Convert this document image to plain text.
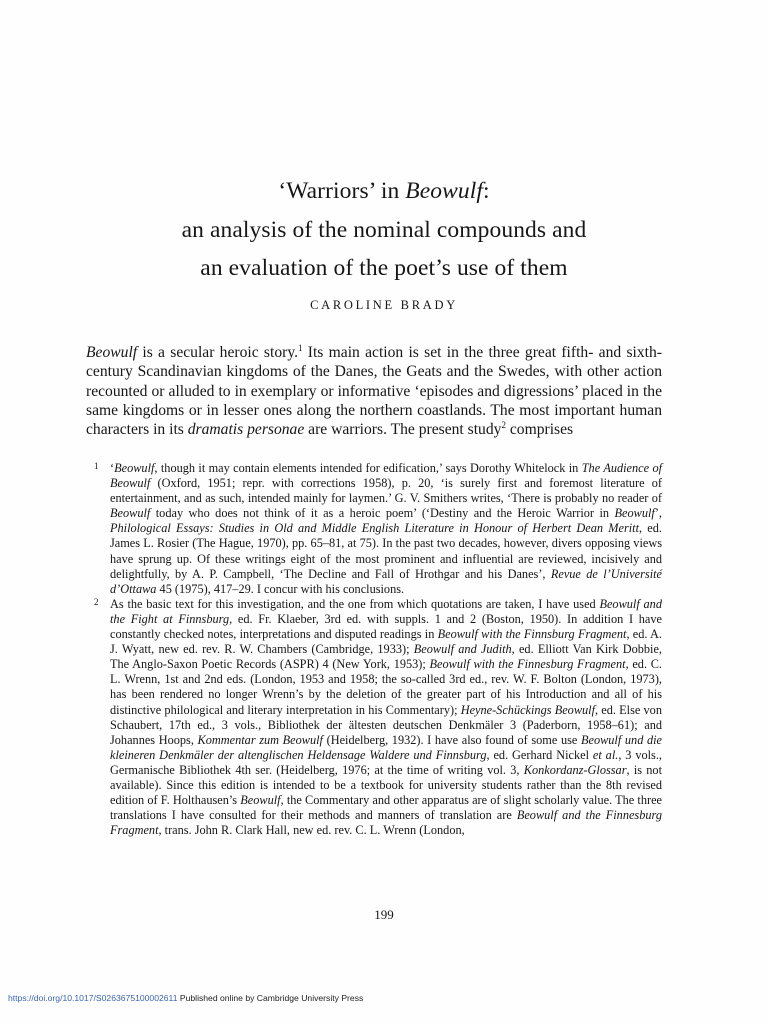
‘Warriors’ in Beowulf:
an analysis of the nominal compounds and
an evaluation of the poet’s use of them
CAROLINE BRADY

Beowulf is a secular heroic story.$^1$ Its main action is set in the three great fifth- and sixth-century Scandinavian kingdoms of the Danes, the Geats and the Swedes, with other action recounted or alluded to in exemplary or informative ‘episodes and digressions’ placed in the same kingdoms or in lesser ones along the northern coastlands. The most important human characters in its dramatis personae are warriors. The present study$^2$ comprises

1 ‘Beowulf, though it may contain elements intended for edification,’ says Dorothy Whitelock in The Audience of Beowulf (Oxford, 1951; repr. with corrections 1958), p. 20, ‘is surely first and foremost literature of entertainment, and as such, intended mainly for laymen.’ G. V. Smithers writes, ‘There is probably no reader of Beowulf today who does not think of it as a heroic poem’ (‘Destiny and the Heroic Warrior in Beowulf’, Philological Essays: Studies in Old and Middle English Literature in Honour of Herbert Dean Meritt, ed. James L. Rosier (The Hague, 1970), pp. 65–81, at 75). In the past two decades, however, divers opposing views have sprung up. Of these writings eight of the most prominent and influential are reviewed, incisively and delightfully, by A. P. Campbell, ‘The Decline and Fall of Hrothgar and his Danes’, Revue de l’Université d’Ottawa 45 (1975), 417–29. I concur with his conclusions.
2 As the basic text for this investigation, and the one from which quotations are taken, I have used Beowulf and the Fight at Finnsburg, ed. Fr. Klaeber, 3rd ed. with suppls. 1 and 2 (Boston, 1950). In addition I have constantly checked notes, interpretations and disputed readings in Beowulf with the Finnsburg Fragment, ed. A. J. Wyatt, new ed. rev. R. W. Chambers (Cambridge, 1933); Beowulf and Judith, ed. Elliott Van Kirk Dobbie, The Anglo-Saxon Poetic Records (ASPR) 4 (New York, 1953); Beowulf with the Finnesburg Fragment, ed. C. L. Wrenn, 1st and 2nd eds. (London, 1953 and 1958; the so-called 3rd ed., rev. W. F. Bolton (London, 1973), has been rendered no longer Wrenn’s by the deletion of the greater part of his Introduction and all of his distinctive philological and literary interpretation in his Commentary); Heyne-Schückings Beowulf, ed. Else von Schaubert, 17th ed., 3 vols., Bibliothek der ältesten deutschen Denkmäler 3 (Paderborn, 1958–61); and Johannes Hoops, Kommentar zum Beowulf (Heidelberg, 1932). I have also found of some use Beowulf und die kleineren Denkmäler der altenglischen Heldensage Waldere und Finnsburg, ed. Gerhard Nickel et al., 3 vols., Germanische Bibliothek 4th ser. (Heidelberg, 1976; at the time of writing vol. 3, Konkordanz-Glossar, is not available). Since this edition is intended to be a textbook for university students rather than the 8th revised edition of F. Holthausen’s Beowulf, the Commentary and other apparatus are of slight scholarly value. The three translations I have consulted for their methods and manners of translation are Beowulf and the Finnesburg Fragment, trans. John R. Clark Hall, new ed. rev. C. L. Wrenn (London,
199
https://doi.org/10.1017/S0263675100002611 Published online by Cambridge University Press
